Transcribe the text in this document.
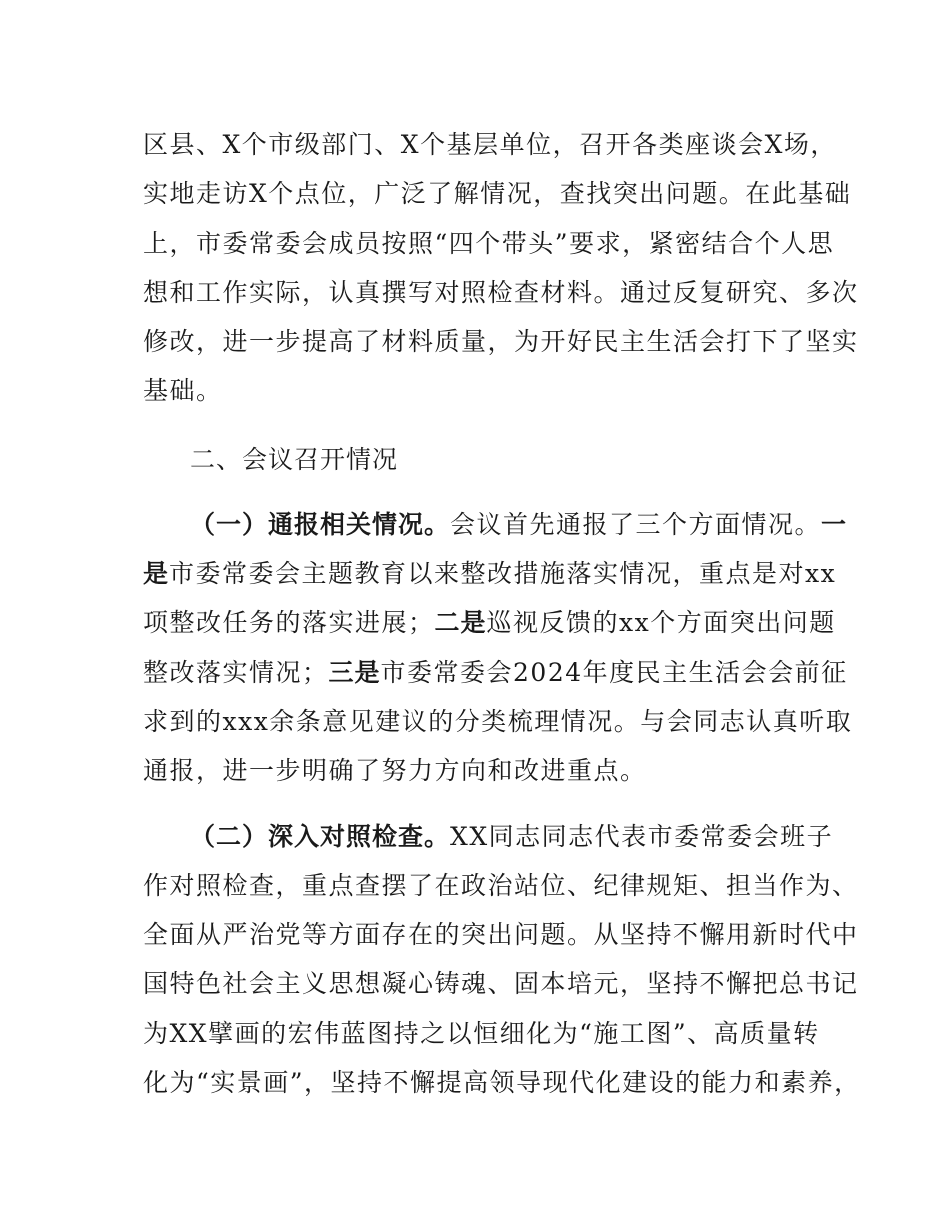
区县、X个市级部门、X个基层单位，召开各类座谈会X场，

实地走访X个点位，广泛了解情况，查找突出问题。在此基础

上，市委常委会成员按照“四个带头”要求，紧密结合个人思

想和工作实际，认真撰写对照检查材料。通过反复研究、多次

修改，进一步提高了材料质量，为开好民主生活会打下了坚实

基础。

二、会议召开情况

（一）通报相关情况。会议首先通报了三个方面情况。一

是市委常委会主题教育以来整改措施落实情况，重点是对xx

项整改任务的落实进展；二是巡视反馈的xx个方面突出问题

整改落实情况；三是市委常委会2024年度民主生活会会前征

求到的xxx余条意见建议的分类梳理情况。与会同志认真听取

通报，进一步明确了努力方向和改进重点。

（二）深入对照检查。XX同志同志代表市委常委会班子

作对照检查，重点查摆了在政治站位、纪律规矩、担当作为、

全面从严治党等方面存在的突出问题。从坚持不懈用新时代中

国特色社会主义思想凝心铸魂、固本培元，坚持不懈把总书记

为XX擘画的宏伟蓝图持之以恒细化为“施工图”、高质量转

化为“实景画”，坚持不懈提高领导现代化建设的能力和素养，
